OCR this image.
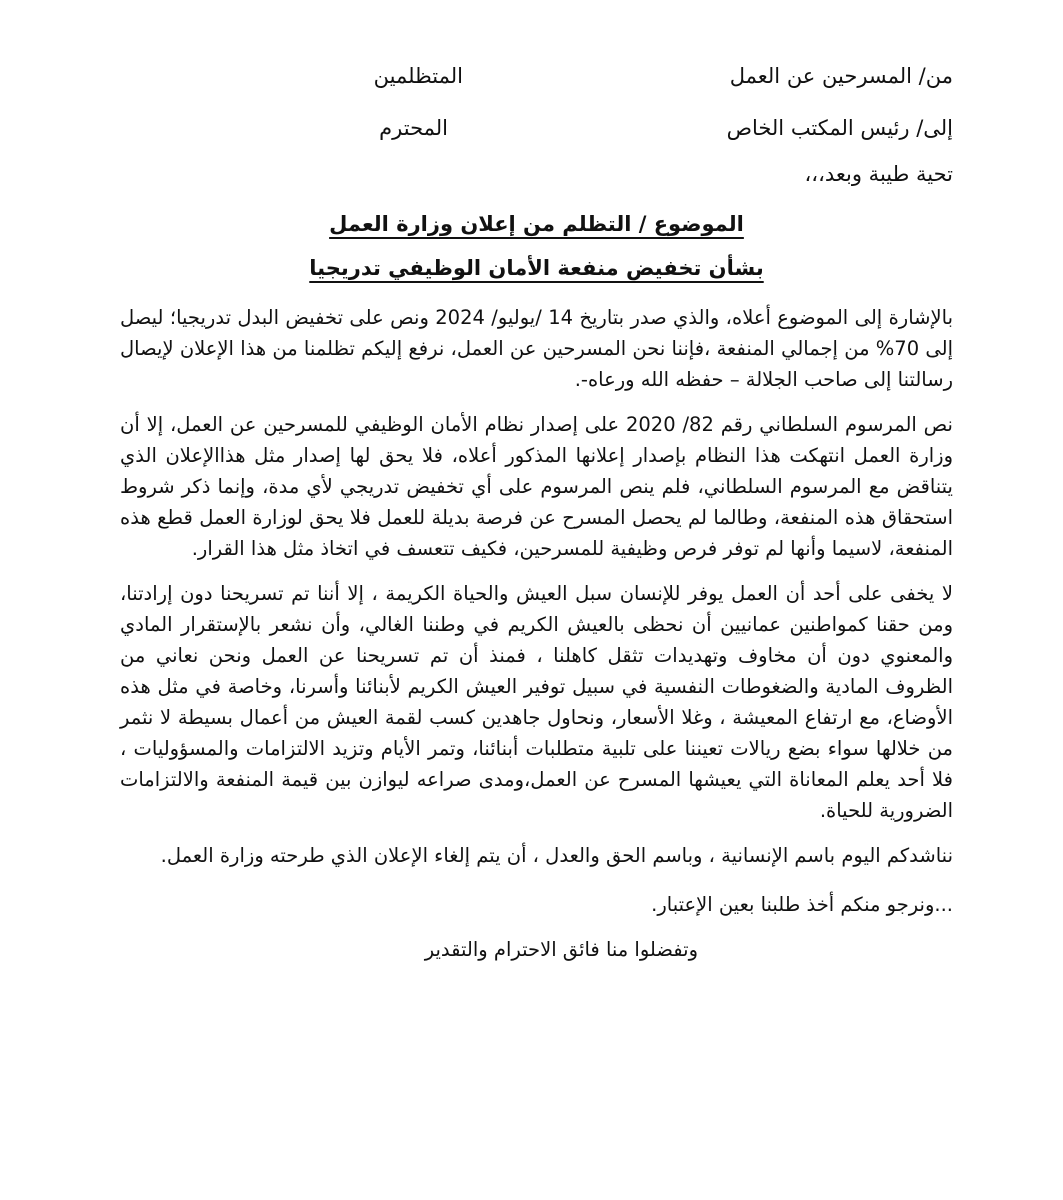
من/ المسرحين عن العمل
المتظلمين
إلى/ رئيس المكتب الخاص
المحترم
تحية طيبة وبعد،،،

الموضوع / التظلم من إعلان وزارة العمل

بشأن تخفيض منفعة الأمان الوظيفي تدريجيا

بالإشارة إلى الموضوع أعلاه، والذي صدر بتاريخ 14 /يوليو/ 2024 ونص على تخفيض البدل تدريجيا؛ ليصل إلى 70% من إجمالي المنفعة ،فإننا نحن المسرحين عن العمل، نرفع إليكم تظلمنا من هذا الإعلان لإيصال رسالتنا إلى صاحب الجلالة – حفظه الله ورعاه-.

نص المرسوم السلطاني رقم 82/ 2020 على إصدار نظام الأمان الوظيفي للمسرحين عن العمل، إلا أن وزارة العمل انتهكت هذا النظام بإصدار إعلانها المذكور أعلاه، فلا يحق لها إصدار مثل هذاالإعلان الذي يتناقض مع المرسوم السلطاني، فلم ينص المرسوم على أي تخفيض تدريجي لأي مدة، وإنما ذكر شروط استحقاق هذه المنفعة، وطالما لم يحصل المسرح عن فرصة بديلة للعمل فلا يحق لوزارة العمل قطع هذه المنفعة، لاسيما وأنها لم توفر فرص وظيفية للمسرحين، فكيف تتعسف في اتخاذ مثل هذا القرار.

لا يخفى على أحد أن العمل يوفر للإنسان سبل العيش والحياة الكريمة ، إلا أننا تم تسريحنا دون إرادتنا، ومن حقنا كمواطنين عمانيين أن نحظى بالعيش الكريم في وطننا الغالي، وأن نشعر بالإستقرار المادي والمعنوي دون أن مخاوف وتهديدات تثقل كاهلنا ، فمنذ أن تم تسريحنا عن العمل ونحن نعاني من الظروف المادية والضغوطات النفسية في سبيل توفير العيش الكريم لأبنائنا وأسرنا، وخاصة في مثل هذه الأوضاع، مع ارتفاع المعيشة ، وغلا الأسعار، ونحاول جاهدين كسب لقمة العيش من أعمال بسيطة لا نثمر من خلالها سواء بضع ريالات تعيننا على تلبية متطلبات أبنائنا، وتمر الأيام وتزيد الالتزامات والمسؤوليات ، فلا أحد يعلم المعاناة التي يعيشها المسرح عن العمل،ومدى صراعه ليوازن بين قيمة المنفعة والالتزامات الضرورية للحياة.

نناشدكم اليوم باسم الإنسانية ، وباسم الحق والعدل ، أن يتم إلغاء الإعلان الذي طرحته وزارة العمل.

...ونرجو منكم أخذ طلبنا بعين الإعتبار.

وتفضلوا منا فائق الاحترام والتقدير
